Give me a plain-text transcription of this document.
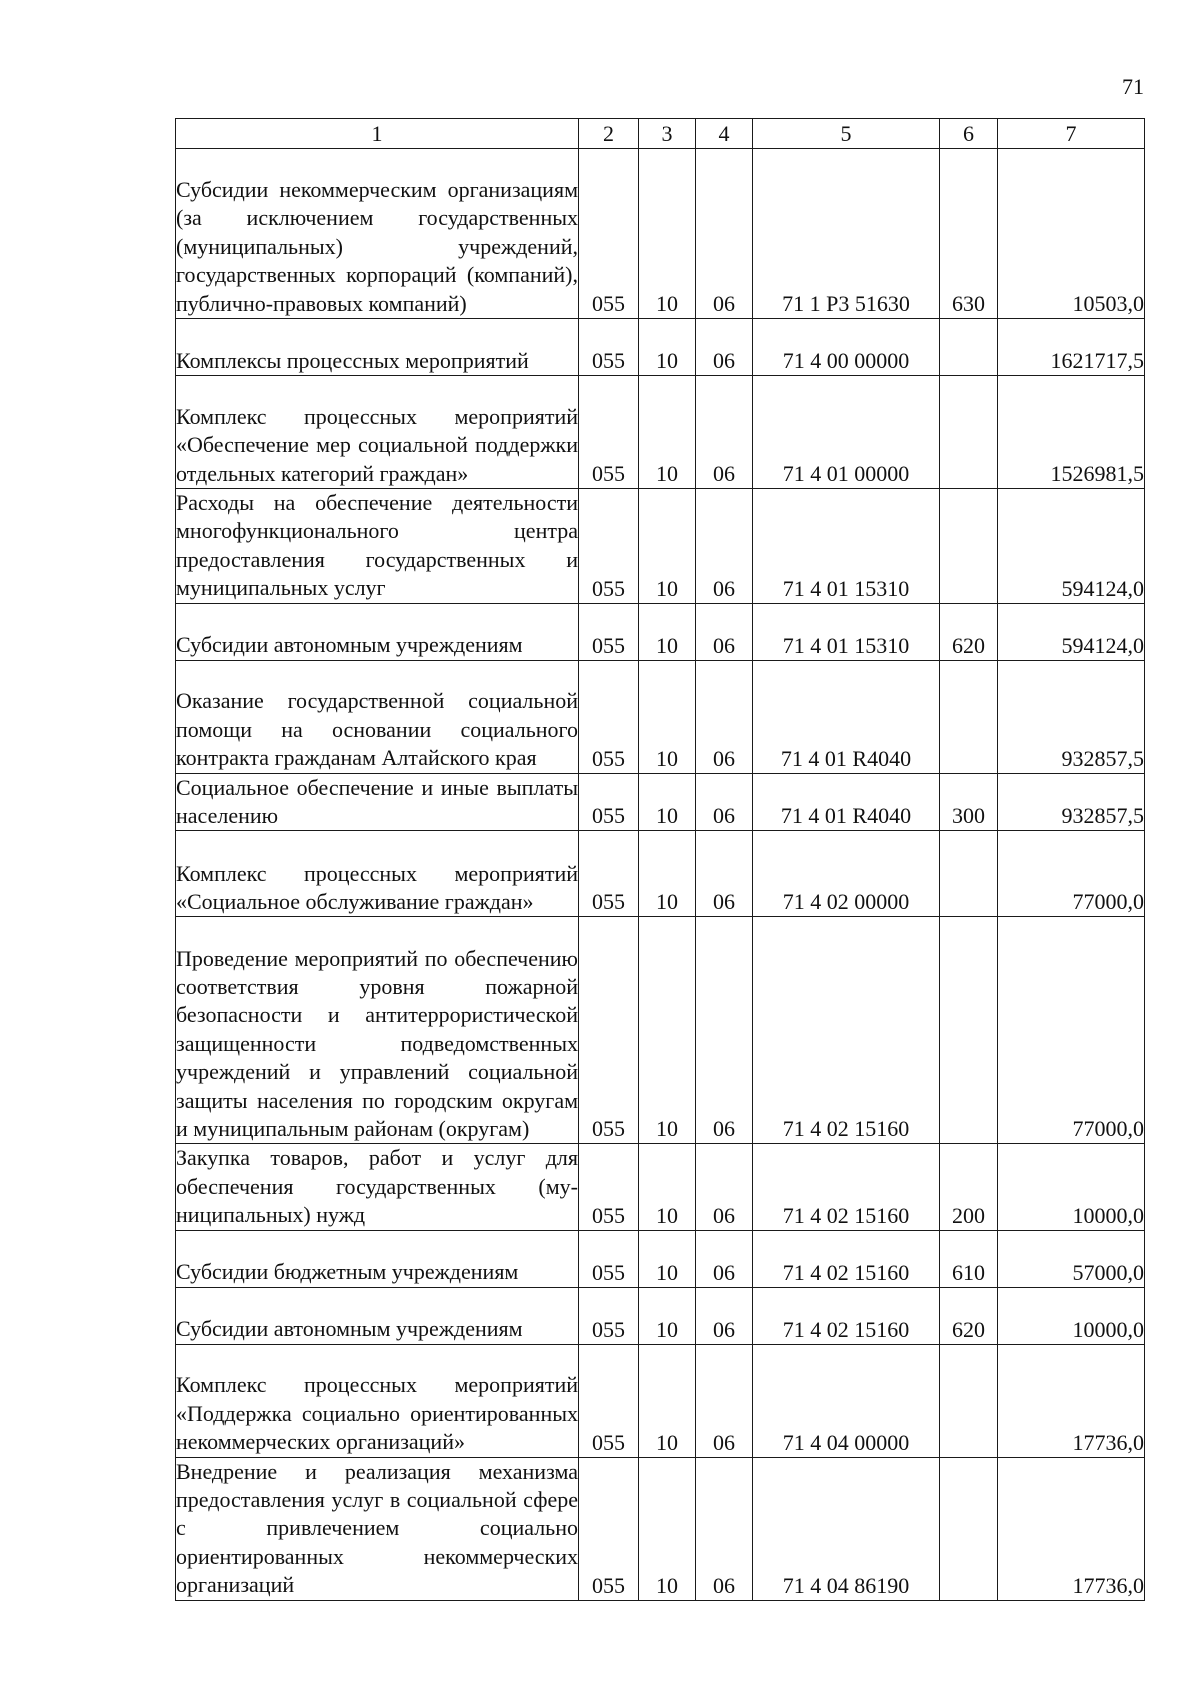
71
1	2	3	4	5	6	7
Субсидии некоммерческим организациям (за исключением государственных (муниципальных) учреждений, государственных корпораций (компаний), публично-правовых компаний)	055	10	06	71 1 Р3 51630	630	10503,0
Комплексы процессных мероприятий	055	10	06	71 4 00 00000		1621717,5
Комплекс процессных мероприятий «Обеспечение мер социальной поддержки отдельных категорий граждан»	055	10	06	71 4 01 00000		1526981,5
Расходы на обеспечение деятельности многофункционального центра предоставления государственных и муниципальных услуг	055	10	06	71 4 01 15310		594124,0
Субсидии автономным учреждениям	055	10	06	71 4 01 15310	620	594124,0
Оказание государственной социальной помощи на основании социального контракта гражданам Алтайского края	055	10	06	71 4 01 R4040		932857,5
Социальное обеспечение и иные выплаты населению	055	10	06	71 4 01 R4040	300	932857,5
Комплекс процессных мероприятий «Социальное обслуживание граждан»	055	10	06	71 4 02 00000		77000,0
Проведение мероприятий по обеспечению соответствия уровня пожарной безопасности и антитеррористической защищенности подведомственных учреждений и управлений социальной защиты населения по городским округам и муниципальным районам (округам)	055	10	06	71 4 02 15160		77000,0
Закупка товаров, работ и услуг для обеспечения государственных (муниципальных) нужд	055	10	06	71 4 02 15160	200	10000,0
Субсидии бюджетным учреждениям	055	10	06	71 4 02 15160	610	57000,0
Субсидии автономным учреждениям	055	10	06	71 4 02 15160	620	10000,0
Комплекс процессных мероприятий «Поддержка социально ориентированных некоммерческих организаций»	055	10	06	71 4 04 00000		17736,0
Внедрение и реализация механизма предоставления услуг в социальной сфере с привлечением социально ориентированных некоммерческих организаций	055	10	06	71 4 04 86190		17736,0
